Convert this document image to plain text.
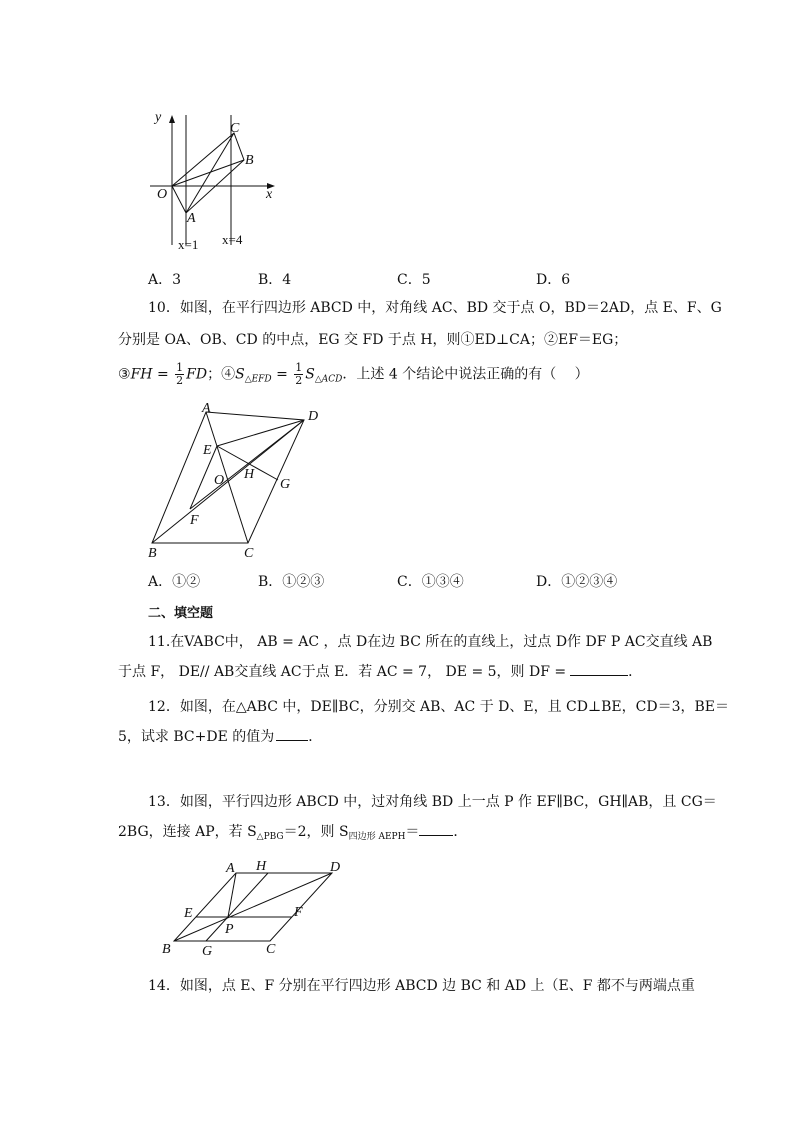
y
x
O
A
B
C
x=1 x=4
A．3	B．4	C．5	D．6
10．如图，在平行四边形 ABCD 中，对角线 AC、BD 交于点 O，BD＝2AD，点 E、F、G
分别是 OA、OB、CD 的中点，EG 交 FD 于点 H，则①ED⊥CA；②EF＝EG；
③FH = $\frac{1}{2}$ FD；$④S_{\triangle EFD} = \frac{1}{2} S_{\triangle ACD}$．上述 4 个结论中说法正确的有（　 ）
A
D
E
O H
G
F
B	C
A．①②	B．①②③	C．①③④	D．①②③④
二、填空题
11.在VABC中， AB = AC ，点 D在边 BC 所在的直线上，过点 D作 DF P AC交直线 AB
于点 F， DE// AB交直线 AC于点 E．若 AC = 7， DE = 5，则 DF =	．
12．如图，在△ABC 中，DE∥BC，分别交 AB、AC 于 D、E，且 CD⊥BE，CD＝3，BE＝
5，试求 BC+DE 的值为 ．
13．如图，平行四边形 ABCD 中，过对角线 BD 上一点 P 作 EF∥BC，GH∥AB，且 CG＝
2BG，连接 AP，若 $S_{\triangle PBG}=2$，则 $S_{四边形 AEPH}=$ ．
A H	D
E	F
P
B G	C
14．如图，点 E、F 分别在平行四边形 ABCD 边 BC 和 AD 上（E、F 都不与两端点重
